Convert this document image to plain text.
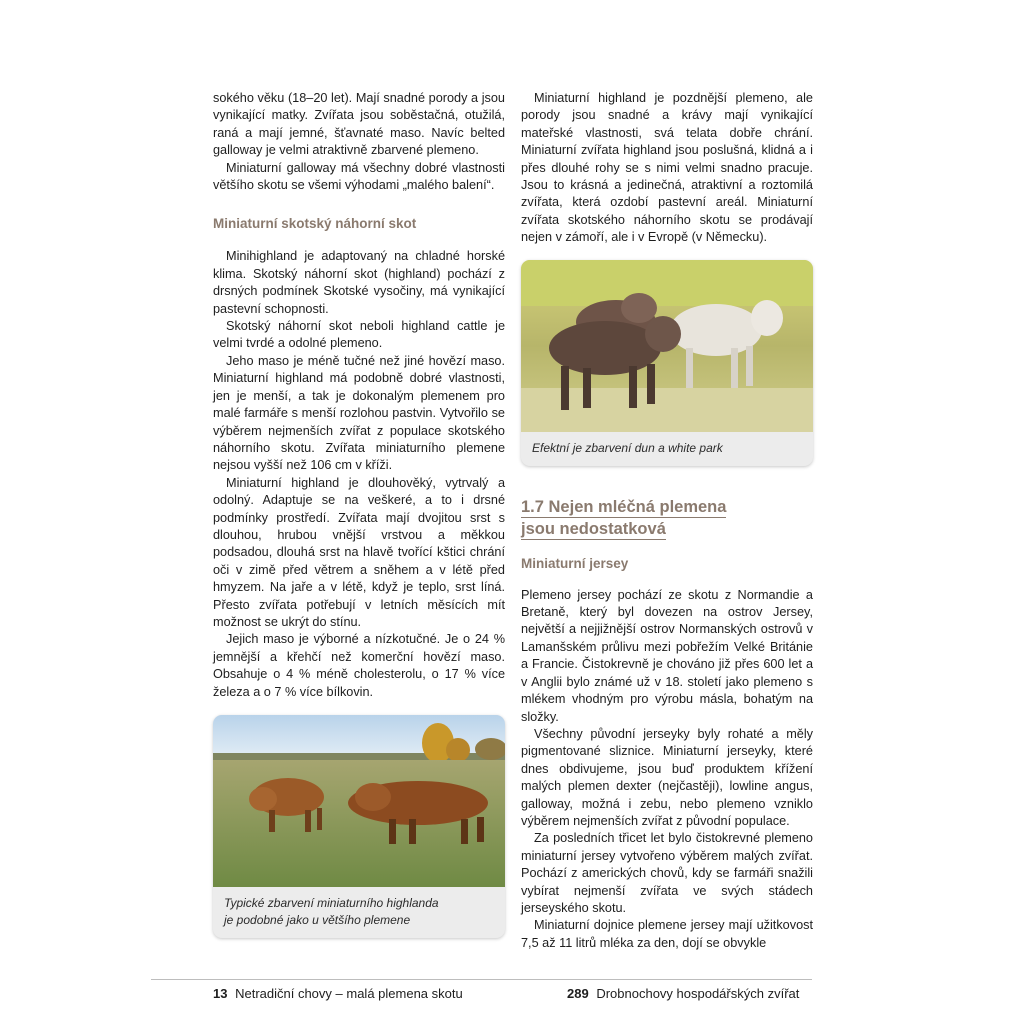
sokého věku (18–20 let). Mají snadné porody a jsou vynikající matky. Zvířata jsou soběstačná, otužilá, raná a mají jemné, šťavnaté maso. Navíc belted galloway je velmi atraktivně zbarvené plemeno.

Miniaturní galloway má všechny dobré vlastnosti většího skotu se všemi výhodami „malého balení“.

Miniaturní skotský náhorní skot

Minihighland je adaptovaný na chladné horské klima. Skotský náhorní skot (highland) pochází z drsných podmínek Skotské vysočiny, má vynikající pastevní schopnosti.

Skotský náhorní skot neboli highland cattle je velmi tvrdé a odolné plemeno.

Jeho maso je méně tučné než jiné hovězí maso. Miniaturní highland má podobně dobré vlastnosti, jen je menší, a tak je dokonalým plemenem pro malé farmáře s menší rozlohou pastvin. Vytvořilo se výběrem nejmenších zvířat z populace skotského náhorního skotu. Zvířata miniaturního plemene nejsou vyšší než 106 cm v kříži.

Miniaturní highland je dlouhověký, vytrvalý a odolný. Adaptuje se na veškeré, a to i drsné podmínky prostředí. Zvířata mají dvojitou srst s dlouhou, hrubou vnější vrstvou a měkkou podsadou, dlouhá srst na hlavě tvořící kštici chrání oči v zimě před větrem a sněhem a v létě před hmyzem. Na jaře a v létě, když je teplo, srst líná. Přesto zvířata potřebují v letních měsících mít možnost se ukrýt do stínu.

Jejich maso je výborné a nízkotučné. Je o 24 % jemnější a křehčí než komerční hovězí maso. Obsahuje o 4 % méně cholesterolu, o 17 % více železa a o 7 % více bílkovin.

Typické zbarvení miniaturního highlanda
je podobné jako u většího plemene

Miniaturní highland je pozdnější plemeno, ale porody jsou snadné a krávy mají vynikající mateřské vlastnosti, svá telata dobře chrání. Miniaturní zvířata highland jsou poslušná, klidná a i přes dlouhé rohy se s nimi velmi snadno pracuje. Jsou to krásná a jedinečná, atraktivní a roztomilá zvířata, která ozdobí pastevní areál. Miniaturní zvířata skotského náhorního skotu se prodávají nejen v zámoří, ale i v Evropě (v Německu).

Efektní je zbarvení dun a white park
1.7 Nejen mléčná plemena
jsou nedostatková
Miniaturní jersey

Plemeno jersey pochází ze skotu z Normandie a Bretaně, který byl dovezen na ostrov Jersey, největší a nejjižnější ostrov Normanských ostrovů v Lamanšském průlivu mezi pobřežím Velké Británie a Francie. Čistokrevně je chováno již přes 600 let a v Anglii bylo známé už v 18. století jako plemeno s mlékem vhodným pro výrobu másla, bohatým na složky.

Všechny původní jerseyky byly rohaté a měly pigmentované sliznice. Miniaturní jerseyky, které dnes obdivujeme, jsou buď produktem křížení malých plemen dexter (nejčastěji), lowline angus, galloway, možná i zebu, nebo plemeno vzniklo výběrem nejmenších zvířat z původní populace.

Za posledních třicet let bylo čistokrevné plemeno miniaturní jersey vytvořeno výběrem malých zvířat. Pochází z amerických chovů, kdy se farmáři snažili vybírat nejmenší zvířata ve svých stádech jerseyského skotu.

Miniaturní dojnice plemene jersey mají užitkovost 7,5 až 11 litrů mléka za den, dojí se obvykle

13 Netradiční chovy – malá plemena skotu	289 Drobnochovy hospodářských zvířat
